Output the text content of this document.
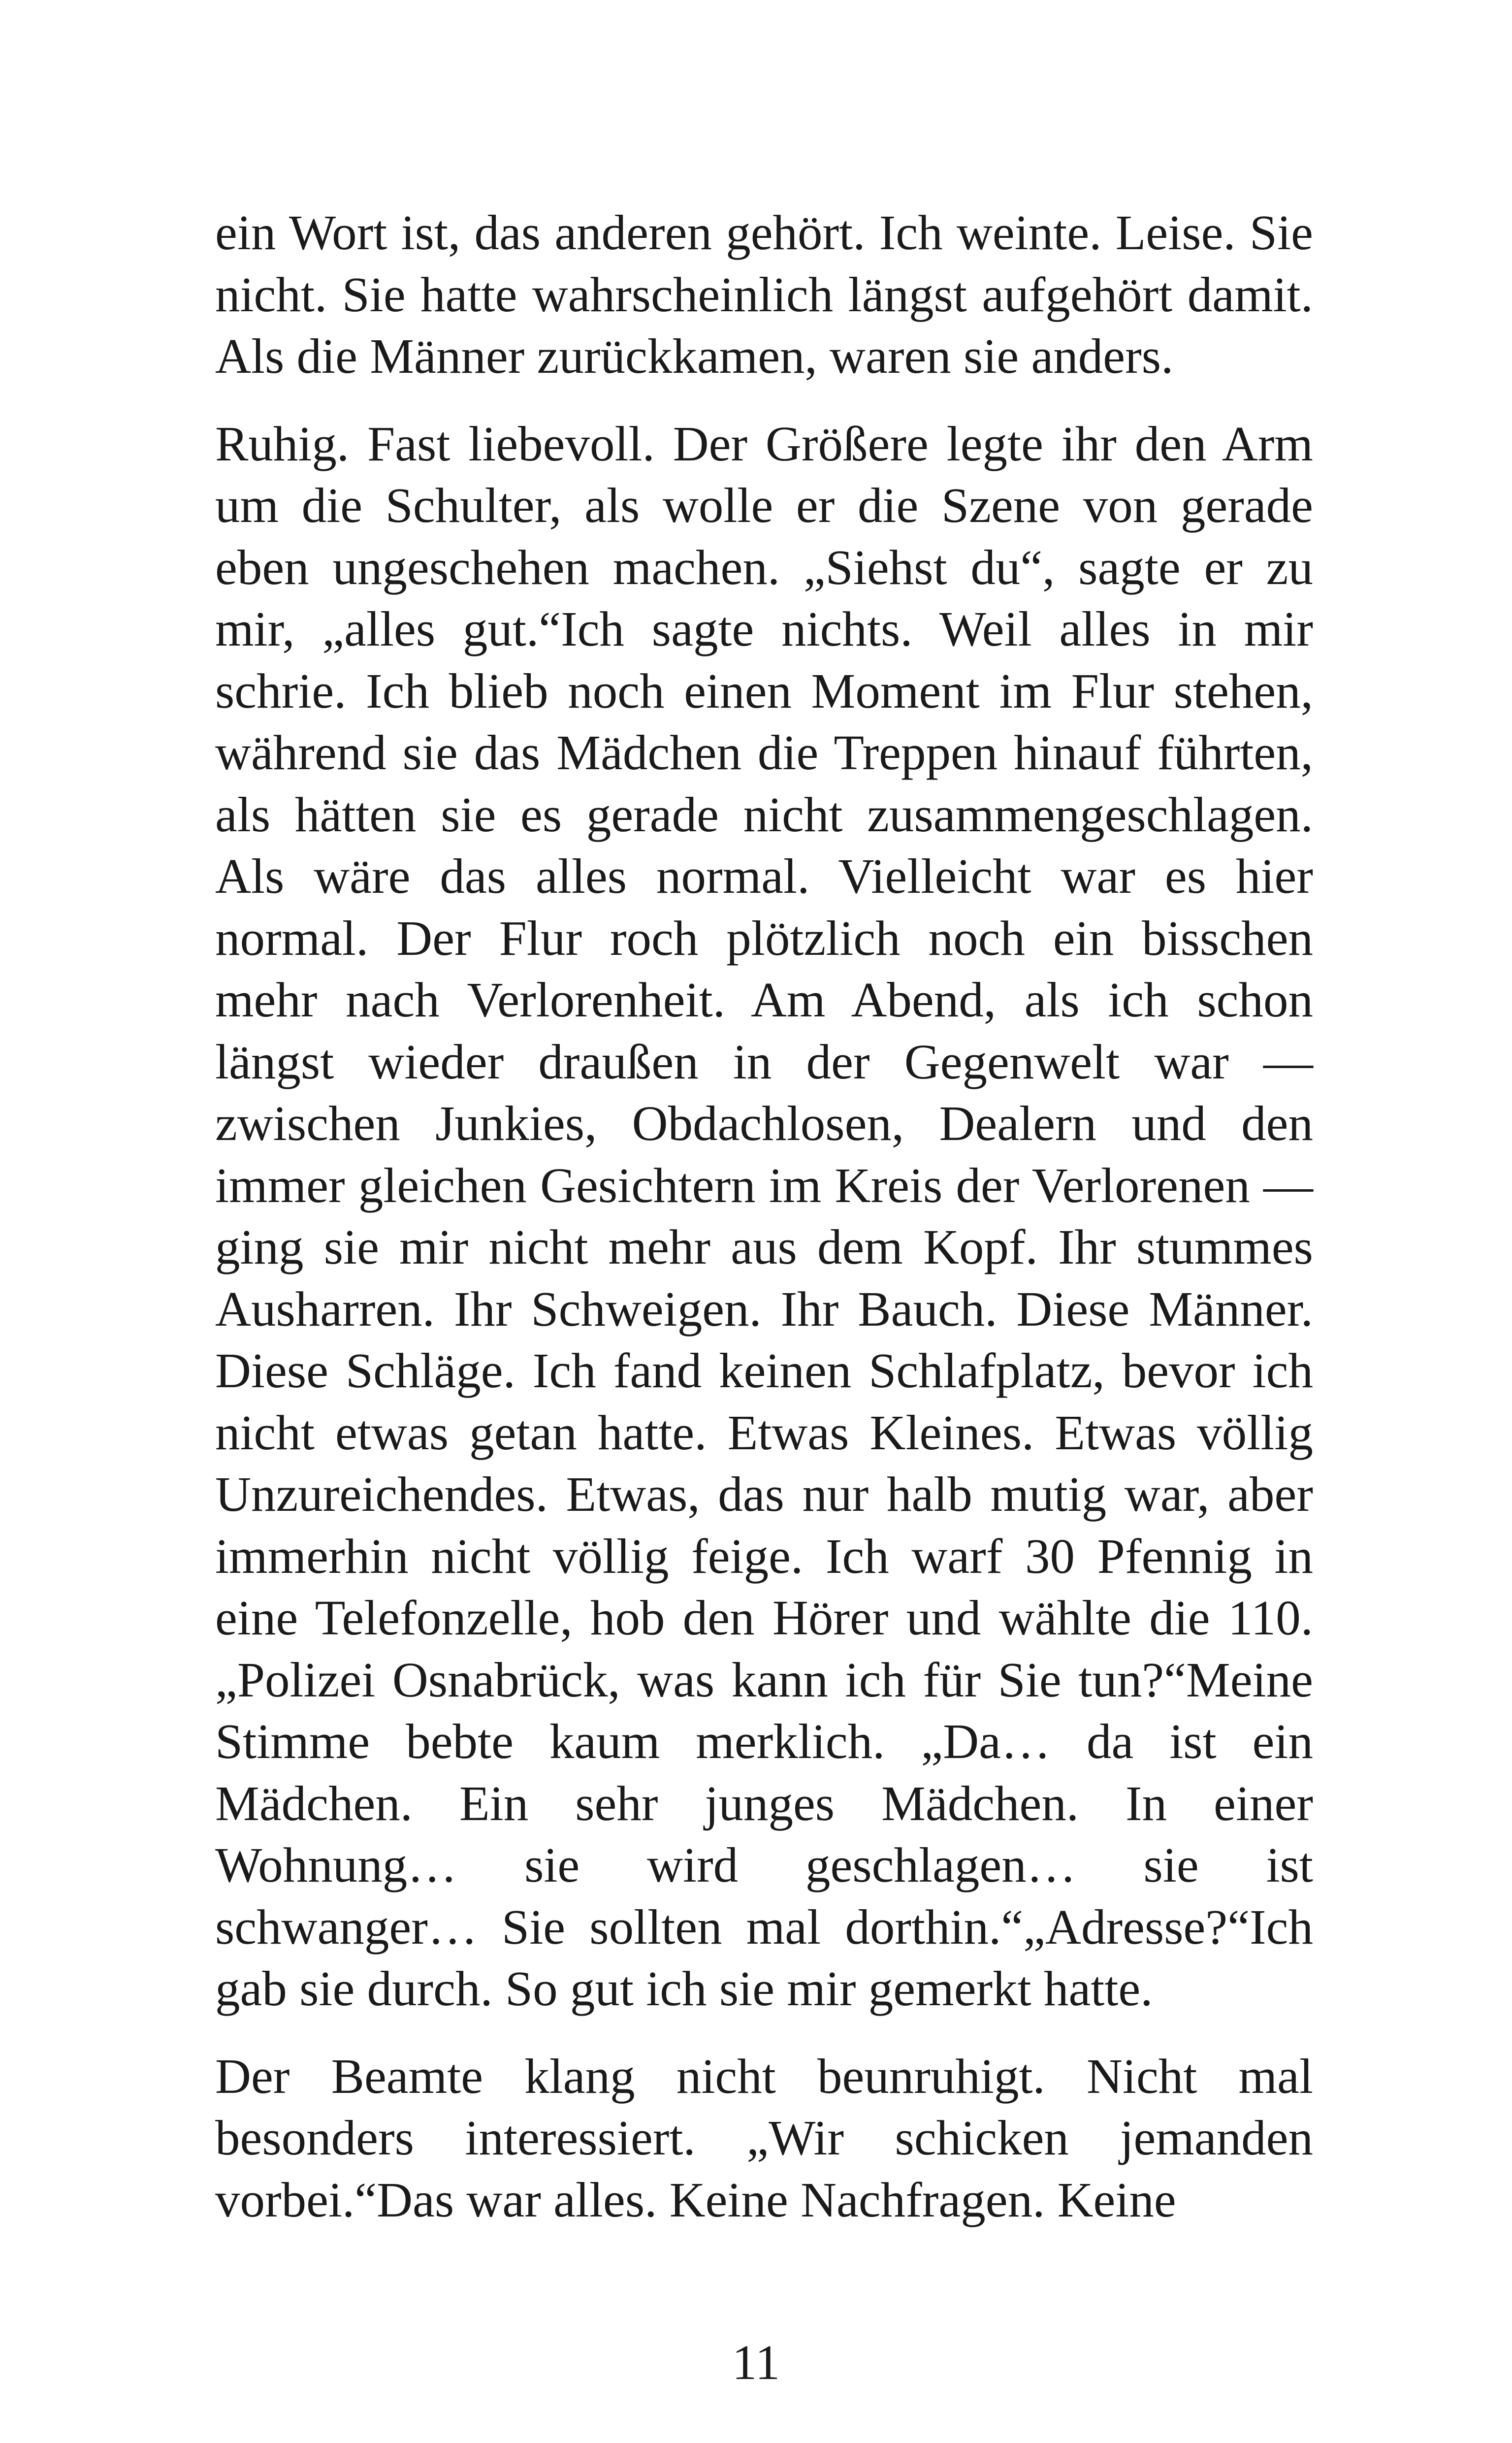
ein Wort ist, das anderen gehört. Ich weinte. Leise. Sie nicht. Sie hatte wahrscheinlich längst aufgehört damit. Als die Männer zurückkamen, waren sie anders.

Ruhig. Fast liebevoll. Der Größere legte ihr den Arm um die Schulter, als wolle er die Szene von gerade eben ungeschehen machen. „Siehst du“, sagte er zu mir, „alles gut.“Ich sagte nichts. Weil alles in mir schrie. Ich blieb noch einen Moment im Flur stehen, während sie das Mädchen die Treppen hinauf führten, als hätten sie es gerade nicht zusammengeschlagen. Als wäre das alles normal. Vielleicht war es hier normal. Der Flur roch plötzlich noch ein bisschen mehr nach Verlorenheit. Am Abend, als ich schon längst wieder draußen in der Gegenwelt war — zwischen Junkies, Obdachlosen, Dealern und den immer gleichen Gesichtern im Kreis der Verlorenen — ging sie mir nicht mehr aus dem Kopf. Ihr stummes Ausharren. Ihr Schweigen. Ihr Bauch. Diese Männer. Diese Schläge. Ich fand keinen Schlafplatz, bevor ich nicht etwas getan hatte. Etwas Kleines. Etwas völlig Unzureichendes. Etwas, das nur halb mutig war, aber immerhin nicht völlig feige. Ich warf 30 Pfennig in eine Telefonzelle, hob den Hörer und wählte die 110. „Polizei Osnabrück, was kann ich für Sie tun?“Meine Stimme bebte kaum merklich. „Da… da ist ein Mädchen. Ein sehr junges Mädchen. In einer Wohnung… sie wird geschlagen… sie ist schwanger… Sie sollten mal dorthin.“„Adresse?“Ich gab sie durch. So gut ich sie mir gemerkt hatte.

Der Beamte klang nicht beunruhigt. Nicht mal besonders interessiert. „Wir schicken jemanden vorbei.“Das war alles. Keine Nachfragen. Keine

11
